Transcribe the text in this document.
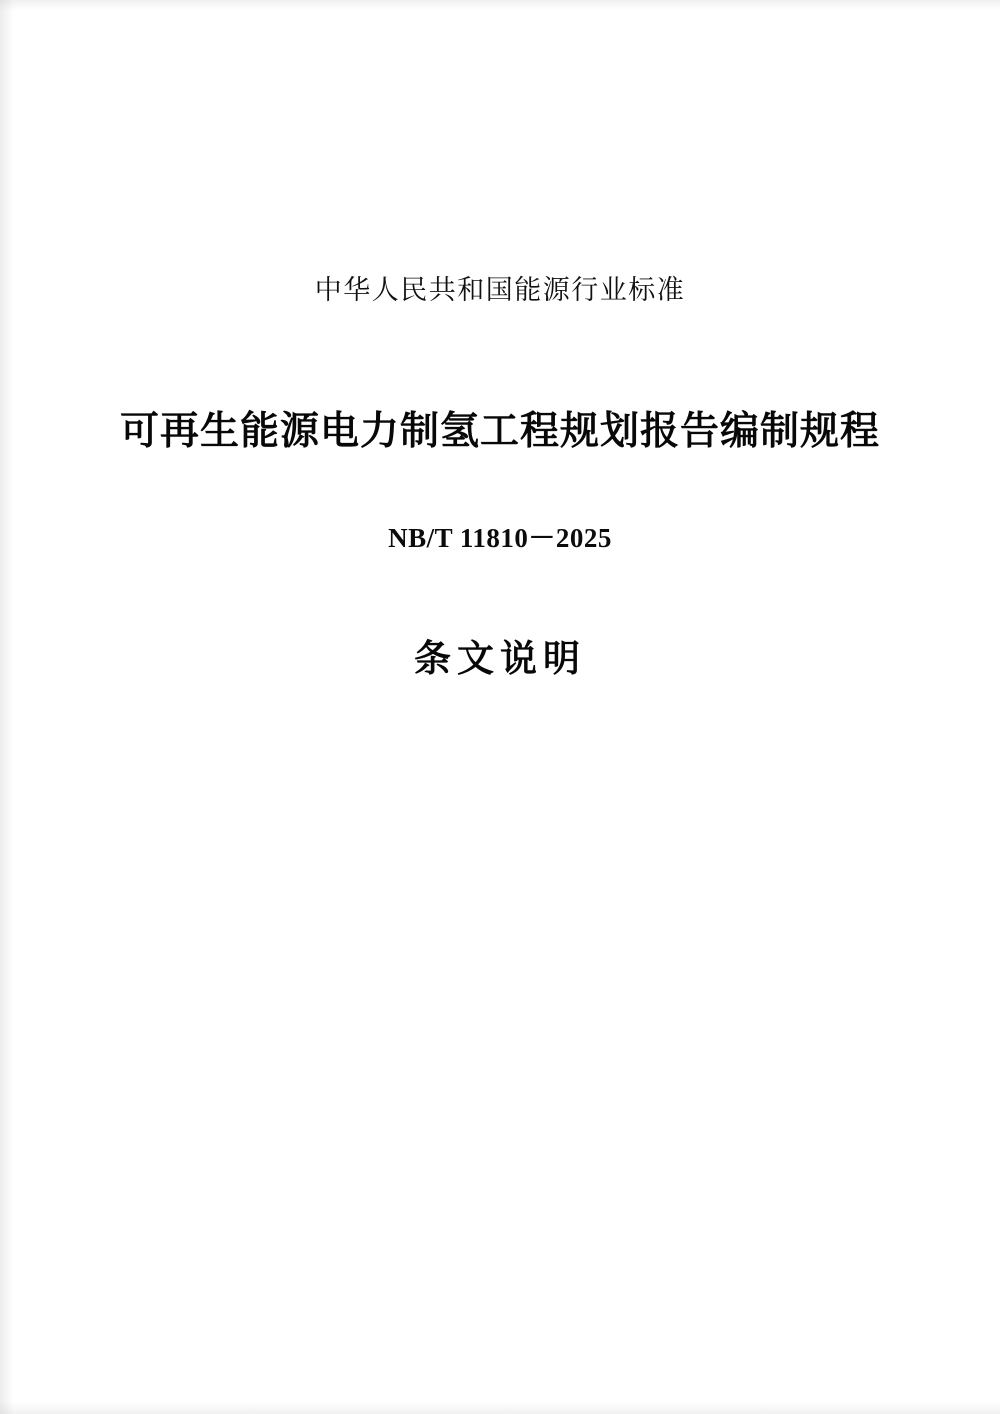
中华人民共和国能源行业标准
可再生能源电力制氢工程规划报告编制规程
NB/T 11810－2025
条文说明
